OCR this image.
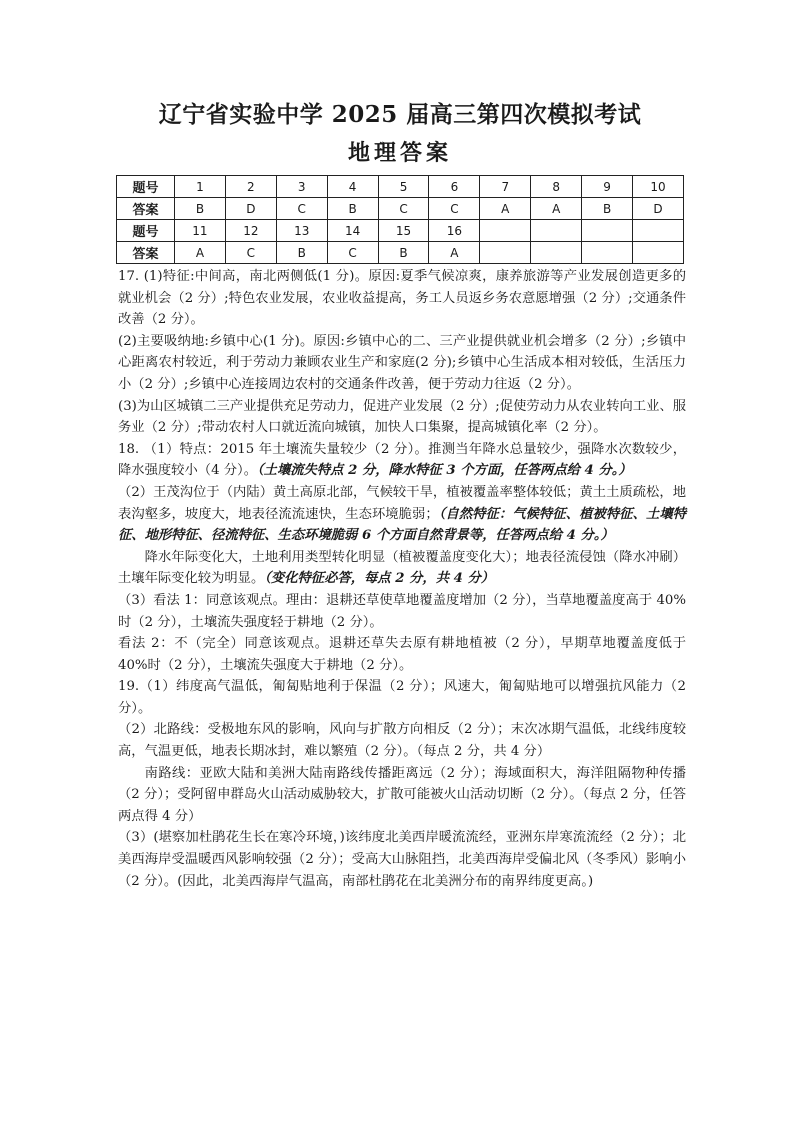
辽宁省实验中学 2025 届高三第四次模拟考试
地理答案
题号	1	2	3	4	5	6	7	8	9	10
答案	B	D	C	B	C	C	A	A	B	D
题号	11	12	13	14	15	16				
答案	A	C	B	C	B	A				

17. (1)特征:中间高，南北两侧低(1 分)。原因:夏季气候凉爽，康养旅游等产业发展创造更多的就业机会（2 分）;特色农业发展，农业收益提高，务工人员返乡务农意愿增强（2 分）;交通条件改善（2 分）。

(2)主要吸纳地:乡镇中心(1 分)。原因:乡镇中心的二、三产业提供就业机会增多（2 分）;乡镇中心距离农村较近，利于劳动力兼顾农业生产和家庭(2 分);乡镇中心生活成本相对较低，生活压力小（2 分）;乡镇中心连接周边农村的交通条件改善，便于劳动力往返（2 分）。

(3)为山区城镇二三产业提供充足劳动力，促进产业发展（2 分）;促使劳动力从农业转向工业、服务业（2 分）;带动农村人口就近流向城镇，加快人口集聚，提高城镇化率（2 分）。

18. （1）特点：2015 年土壤流失量较少（2 分）。推测当年降水总量较少，强降水次数较少，降水强度较小（4 分）。（土壤流失特点 2 分，降水特征 3 个方面，任答两点给 4 分。）

（2）王茂沟位于（内陆）黄土高原北部，气候较干旱，植被覆盖率整体较低；黄土土质疏松，地表沟壑多，坡度大，地表径流流速快，生态环境脆弱；（自然特征：气候特征、植被特征、土壤特征、地形特征、径流特征、生态环境脆弱 6 个方面自然背景等，任答两点给 4 分。）

降水年际变化大，土地利用类型转化明显（植被覆盖度变化大）；地表径流侵蚀（降水冲刷）土壤年际变化较为明显。（变化特征必答，每点 2 分，共 4 分）

（3）看法 1：同意该观点。理由：退耕还草使草地覆盖度增加（2 分），当草地覆盖度高于 40%时（2 分），土壤流失强度轻于耕地（2 分）。

看法 2：不（完全）同意该观点。退耕还草失去原有耕地植被（2 分），早期草地覆盖度低于 40%时（2 分），土壤流失强度大于耕地（2 分）。

19.（1）纬度高气温低，匍匐贴地利于保温（2 分）；风速大，匍匐贴地可以增强抗风能力（2 分）。

（2）北路线：受极地东风的影响，风向与扩散方向相反（2 分）；末次冰期气温低，北线纬度较高，气温更低，地表长期冰封，难以繁殖（2 分）。（每点 2 分，共 4 分）

南路线：亚欧大陆和美洲大陆南路线传播距离远（2 分）；海域面积大，海洋阻隔物种传播（2 分）；受阿留申群岛火山活动威胁较大，扩散可能被火山活动切断（2 分）。（每点 2 分，任答两点得 4 分）

（3）(堪察加杜鹃花生长在寒冷环境，)该纬度北美西岸暖流流经，亚洲东岸寒流流经（2 分）；北美西海岸受温暖西风影响较强（2 分）；受高大山脉阻挡，北美西海岸受偏北风（冬季风）影响小（2 分）。(因此，北美西海岸气温高，南部杜鹃花在北美洲分布的南界纬度更高。)
